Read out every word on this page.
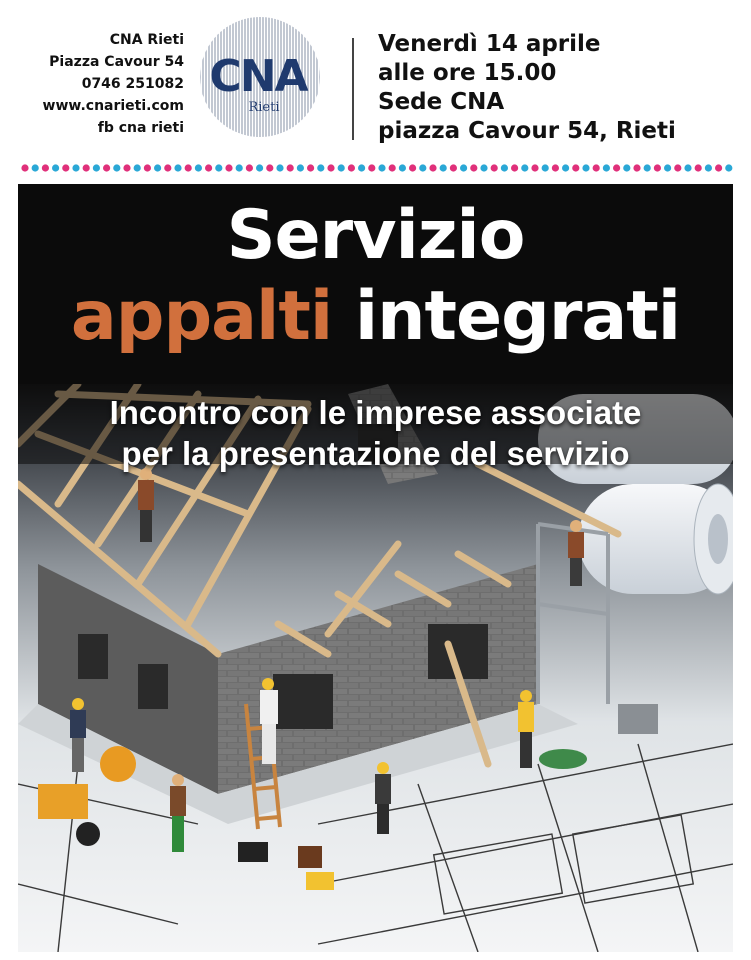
CNA Rieti
Piazza Cavour 54
0746 251082
www.cnarieti.com
fb cna rieti
CNA
Rieti
Venerdì 14 aprile
alle ore 15.00
Sede CNA
piazza Cavour 54, Rieti
Servizio
appalti integrati
Incontro con le imprese associate
per la presentazione del servizio
